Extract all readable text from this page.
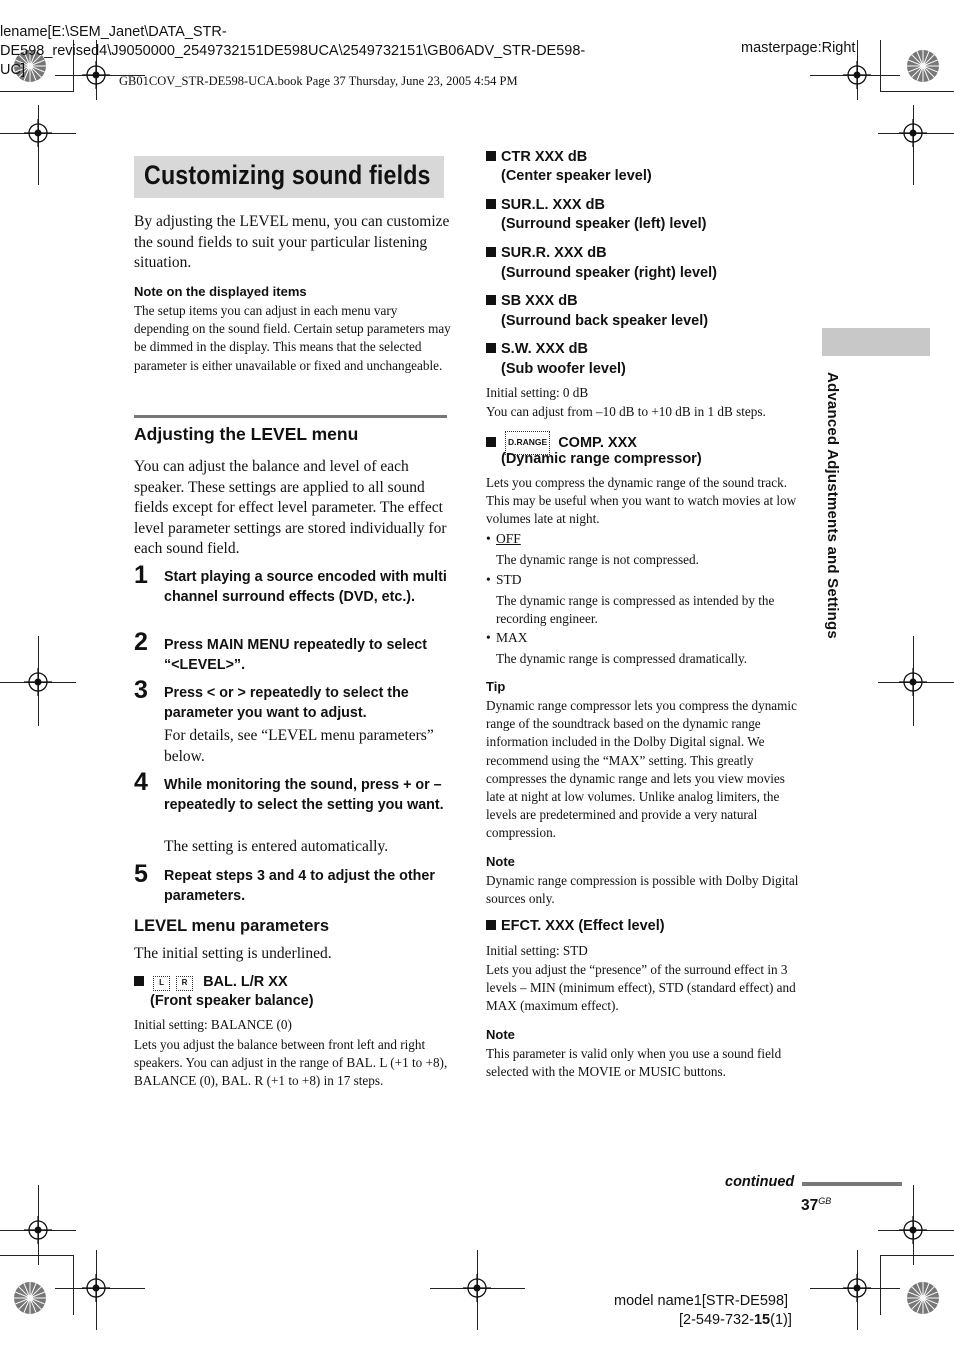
lename[E:\SEM_Janet\DATA_STR-
DE598_revised4\J9050000_2549732151DE598UCA\2549732151\GB06ADV_STR-DE598-
UC]
GB01COV_STR-DE598-UCA.book Page 37 Thursday, June 23, 2005 4:54 PM
masterpage:Right
Customizing sound fields
By adjusting the LEVEL menu, you can customize the sound fields to suit your particular listening situation.
Note on the displayed items
The setup items you can adjust in each menu vary depending on the sound field. Certain setup parameters may be dimmed in the display. This means that the selected parameter is either unavailable or fixed and unchangeable.
Adjusting the LEVEL menu
You can adjust the balance and level of each speaker. These settings are applied to all sound fields except for effect level parameter. The effect level parameter settings are stored individually for each sound field.
1 Start playing a source encoded with multi channel surround effects (DVD, etc.).
2 Press MAIN MENU repeatedly to select “<LEVEL>”.
3 Press < or > repeatedly to select the parameter you want to adjust.
For details, see “LEVEL menu parameters” below.
4 While monitoring the sound, press + or – repeatedly to select the setting you want.
The setting is entered automatically.
5 Repeat steps 3 and 4 to adjust the other parameters.
LEVEL menu parameters
The initial setting is underlined.
L R BAL. L/R XX
(Front speaker balance)
Initial setting: BALANCE (0)
Lets you adjust the balance between front left and right speakers. You can adjust in the range of BAL. L (+1 to +8), BALANCE (0), BAL. R (+1 to +8) in 17 steps.
CTR XXX dB
(Center speaker level)
SUR.L. XXX dB
(Surround speaker (left) level)
SUR.R. XXX dB
(Surround speaker (right) level)
SB XXX dB
(Surround back speaker level)
S.W. XXX dB
(Sub woofer level)
Initial setting: 0 dB
You can adjust from –10 dB to +10 dB in 1 dB steps.
D.RANGE COMP. XXX
(Dynamic range compressor)
Lets you compress the dynamic range of the sound track. This may be useful when you want to watch movies at low volumes late at night.
• OFF
The dynamic range is not compressed.
• STD
The dynamic range is compressed as intended by the recording engineer.
• MAX
The dynamic range is compressed dramatically.
Tip
Dynamic range compressor lets you compress the dynamic range of the soundtrack based on the dynamic range information included in the Dolby Digital signal. We recommend using the “MAX” setting. This greatly compresses the dynamic range and lets you view movies late at night at low volumes. Unlike analog limiters, the levels are predetermined and provide a very natural compression.
Note
Dynamic range compression is possible with Dolby Digital sources only.
EFCT. XXX (Effect level)
Initial setting: STD
Lets you adjust the “presence” of the surround effect in 3 levels – MIN (minimum effect), STD (standard effect) and MAX (maximum effect).
Note
This parameter is valid only when you use a sound field selected with the MOVIE or MUSIC buttons.
Advanced Adjustments and Settings
continued
$37^{GB}$
model name1[STR-DE598]
[2-549-732-15(1)]
